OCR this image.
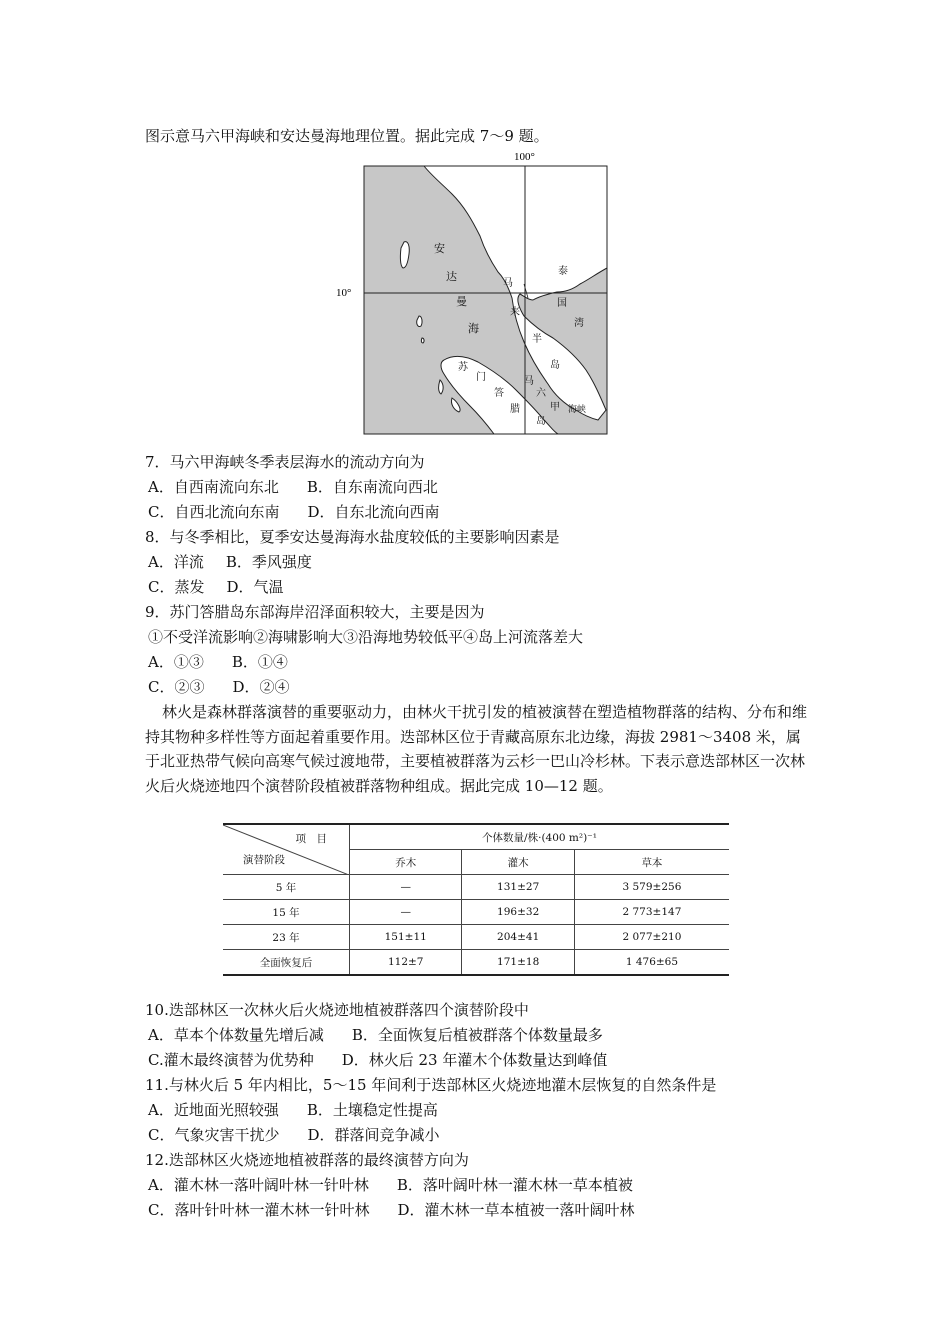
图示意马六甲海峡和安达曼海地理位置。据此完成 7～9 题。
100°
10°
安
达
曼
海
马
来
半
岛
泰
国
湾
苏
门
答
腊
马
六
甲 海峡
岛
7．马六甲海峡冬季表层海水的流动方向为
A．自西南流向东北 B．自东南流向西北
C．自西北流向东南 D．自东北流向西南
8．与冬季相比，夏季安达曼海海水盐度较低的主要影响因素是
A．洋流 B．季风强度
C．蒸发 D．气温
9．苏门答腊岛东部海岸沼泽面积较大，主要是因为
①不受洋流影响②海啸影响大③沿海地势较低平④岛上河流落差大
A．①③ B．①④
C．②③ D．②④
林火是森林群落演替的重要驱动力，由林火干扰引发的植被演替在塑造植物群落的结构、分布和维持其物种多样性等方面起着重要作用。迭部林区位于青藏高原东北边缘，海拔 2981～3408 米，属于北亚热带气候向高寒气候过渡地带，主要植被群落为云杉一巴山冷杉林。下表示意迭部林区一次林火后火烧迹地四个演替阶段植被群落物种组成。据此完成 10—12 题。
项　目
演替阶段	个体数量/株·(400 m²)⁻¹		
	乔木	灌木	草本
5 年	—	131±27	3 579±256
15 年	—	196±32	2 773±147
23 年	151±11	204±41	2 077±210
全面恢复后	112±7	171±18	1 476±65
10.迭部林区一次林火后火烧迹地植被群落四个演替阶段中
A．草本个体数量先增后减 B．全面恢复后植被群落个体数量最多
C.灌木最终演替为优势种 D．林火后 23 年灌木个体数量达到峰值
11.与林火后 5 年内相比，5～15 年间利于迭部林区火烧迹地灌木层恢复的自然条件是
A．近地面光照较强 B．土壤稳定性提高
C．气象灾害干扰少 D．群落间竞争减小
12.迭部林区火烧迹地植被群落的最终演替方向为
A．灌木林一落叶阔叶林一针叶林 B．落叶阔叶林一灌木林一草本植被
C．落叶针叶林一灌木林一针叶林 D．灌木林一草本植被一落叶阔叶林
